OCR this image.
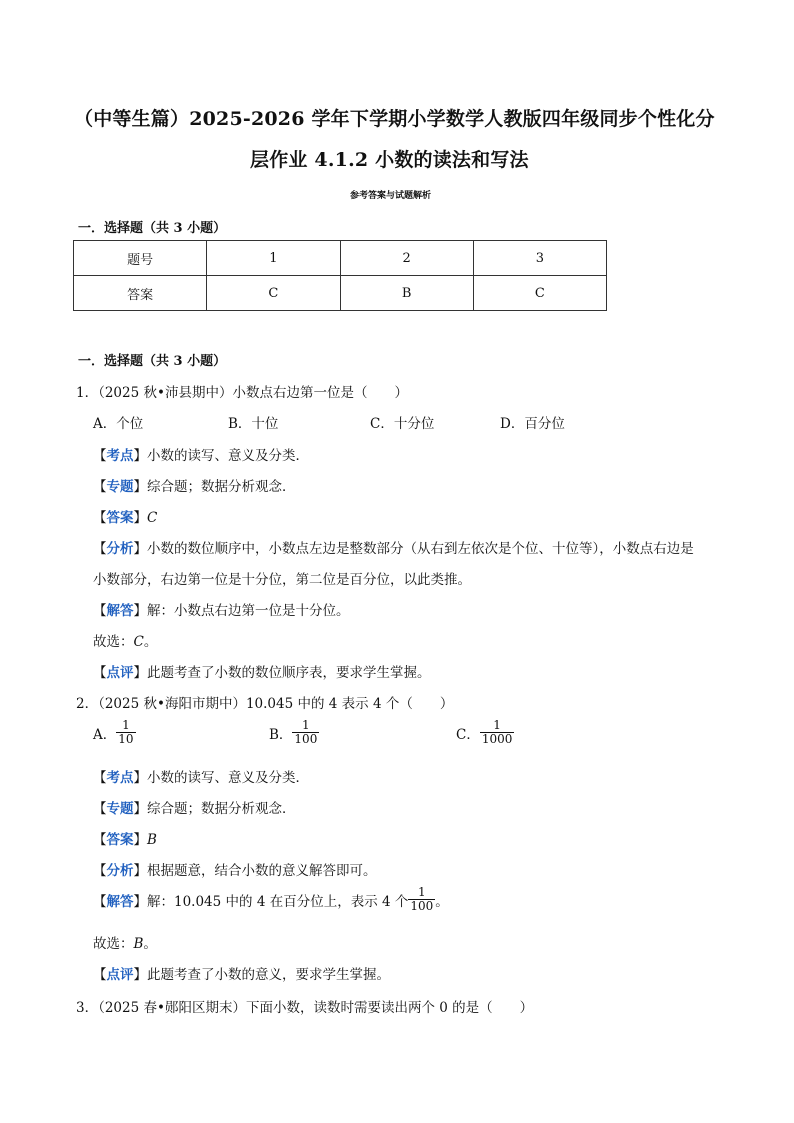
（中等生篇）2025-2026 学年下学期小学数学人教版四年级同步个性化分
层作业 4.1.2 小数的读法和写法
参考答案与试题解析
一．选择题（共 3 小题）
题号	1	2	3
答案	C	B	C
一．选择题（共 3 小题）
1．（2025 秋•沛县期中）小数点右边第一位是（　　）
A．个位	B．十位	C．十分位	D．百分位
【考点】小数的读写、意义及分类．
【专题】综合题；数据分析观念．
【答案】C
【分析】小数的数位顺序中，小数点左边是整数部分（从右到左依次是个位、十位等），小数点右边是
小数部分，右边第一位是十分位，第二位是百分位，以此类推。
【解答】解：小数点右边第一位是十分位。
故选：C。
【点评】此题考查了小数的数位顺序表，要求学生掌握。
2．（2025 秋•海阳市期中）10.045 中的 4 表示 4 个（　　）
A． $\frac{1}{10}$	B． $\frac{1}{100}$	C． $\frac{1}{1000}$
【考点】小数的读写、意义及分类．
【专题】综合题；数据分析观念．
【答案】B
【分析】根据题意，结合小数的意义解答即可。
【 解答 】 解：10.045 中的 4 在百分位上，表示 4 个 $\frac{1}{100}$ 。
故选：B。
【点评】此题考查了小数的意义，要求学生掌握。
3．（2025 春•郧阳区期末）下面小数，读数时需要读出两个 0 的是（　　）
